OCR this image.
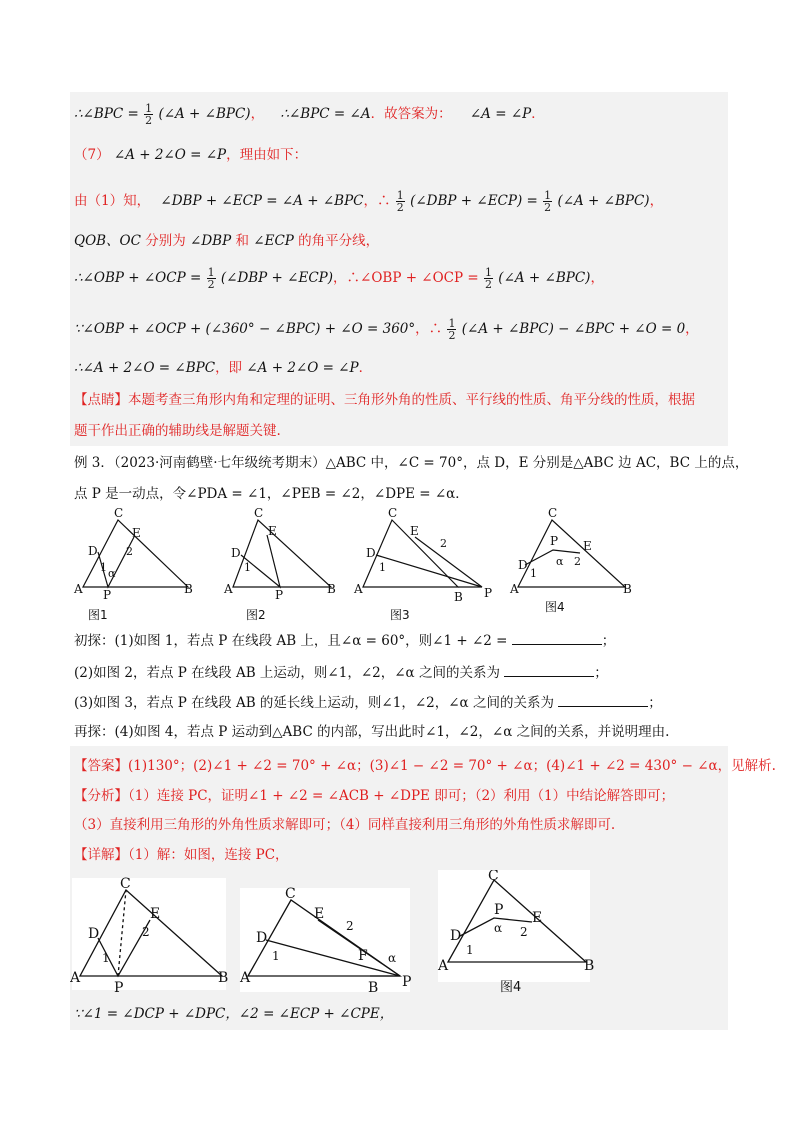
∴∠BPC = $\frac{1}{2}$ (∠A + ∠BPC)， ∴∠BPC = ∠A．故答案为： ∠A = ∠P．
（7） ∠A + 2∠O = ∠P，理由如下：
由（1）知， ∠DBP + ∠ECP = ∠A + ∠BPC，∴ $\frac{1}{2}$ (∠DBP + ∠ECP) = $\frac{1}{2}$ (∠A + ∠BPC)，
QOB、OC 分别为 ∠DBP 和 ∠ECP 的角平分线，
∴∠OBP + ∠OCP = $\frac{1}{2}$ (∠DBP + ∠ECP)，∴∠OBP + ∠OCP = $\frac{1}{2}$ (∠A + ∠BPC)，
∵∠OBP + ∠OCP + (∠360° − ∠BPC) + ∠O = 360°，∴ $\frac{1}{2}$ (∠A + ∠BPC) − ∠BPC + ∠O = 0，
∴∠A + 2∠O = ∠BPC，即 ∠A + 2∠O = ∠P．
【点睛】本题考查三角形内角和定理的证明、三角形外角的性质、平行线的性质、角平分线的性质，根据
题干作出正确的辅助线是解题关键.
例 3．（2023·河南鹤壁·七年级统考期末）△ABC 中，∠C = 70°，点 D，E 分别是△ABC 边 AC，BC 上的点，
点 P 是一动点，令∠PDA = ∠1，∠PEB = ∠2，∠DPE = ∠α．
A	B
C
D
E
P	A	B
C
D
E
P	A
B
C
D
E
P A	B
C
D
E
P
1
2
α	1	1
2
1
2
α
图1	图2	图3
图4
初探：(1)如图 1，若点 P 在线段 AB 上，且∠α = 60°，则∠1 + ∠2 =	；
(2)如图 2，若点 P 在线段 AB 上运动，则∠1，∠2，∠α 之间的关系为	；
(3)如图 3，若点 P 在线段 AB 的延长线上运动，则∠1，∠2，∠α 之间的关系为	；
再探：(4)如图 4，若点 P 运动到△ABC 的内部，写出此时∠1，∠2，∠α 之间的关系，并说明理由.
【答案】(1)130°；(2)∠1 + ∠2 = 70° + ∠α；(3)∠1 − ∠2 = 70° + ∠α；(4)∠1 + ∠2 = 430° − ∠α，见解析.
【分析】（1）连接 PC，证明∠1 + ∠2 = ∠ACB + ∠DPE 即可；（2）利用（1）中结论解答即可；
（3）直接利用三角形的外角性质求解即可；（4）同样直接利用三角形的外角性质求解即可.
【详解】（1）解：如图，连接 PC，
A	B
C
D
E
P
A
B
C
D
E
P
F
A	B
C
D
E
P
1
2
1
2
α
1
2
α
图4
∵∠1 = ∠DCP + ∠DPC，∠2 = ∠ECP + ∠CPE，
